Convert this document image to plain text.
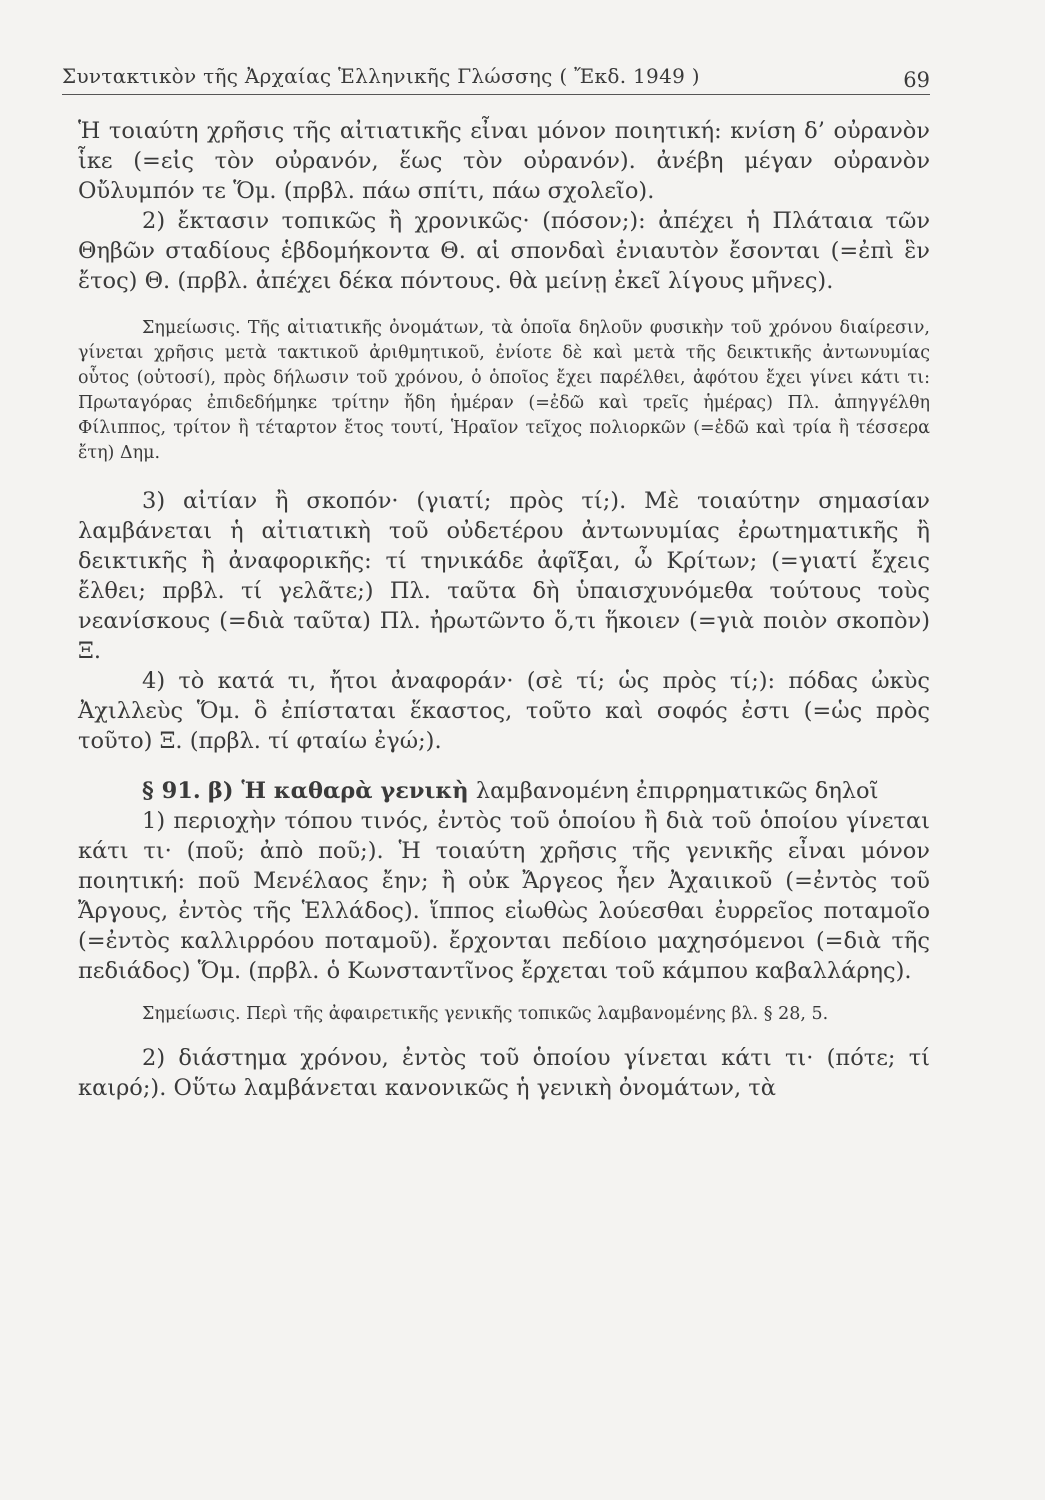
Συντακτικὸν τῆς Ἀρχαίας Ἑλληνικῆς Γλώσσης ( Ἔκδ. 1949 )	69

Ἡ τοιαύτη χρῆσις τῆς αἰτιατικῆς εἶναι μόνον ποιητική: κνίση δ’ οὐρανὸν ἷκε (=εἰς τὸν οὐρανόν, ἕως τὸν οὐρανόν). ἀνέβη μέγαν οὐρανὸν Οὔλυμπόν τε Ὅμ. (πρβλ. πάω σπίτι, πάω σχολεῖο).

2) ἔκτασιν τοπικῶς ἢ χρονικῶς· (πόσον;): ἀπέχει ἡ Πλάταια τῶν Θηβῶν σταδίους ἑβδομήκοντα Θ. αἱ σπονδαὶ ἐνιαυτὸν ἔσονται (=ἐπὶ ἓν ἔτος) Θ. (πρβλ. ἀπέχει δέκα πόντους. θὰ μείνῃ ἐκεῖ λίγους μῆνες).

Σημείωσις. Τῆς αἰτιατικῆς ὀνομάτων, τὰ ὁποῖα δηλοῦν φυσικὴν τοῦ χρόνου διαίρεσιν, γίνεται χρῆσις μετὰ τακτικοῦ ἀριθμητικοῦ, ἐνίοτε δὲ καὶ μετὰ τῆς δεικτικῆς ἀντωνυμίας οὗτος (οὑτοσί), πρὸς δήλωσιν τοῦ χρόνου, ὁ ὁποῖος ἔχει παρέλθει, ἀφότου ἔχει γίνει κάτι τι: Πρωταγόρας ἐπιδεδήμηκε τρίτην ἤδη ἡμέραν (=ἐδῶ καὶ τρεῖς ἡμέρας) Πλ. ἀπηγγέλθη Φίλιππος, τρίτον ἢ τέταρτον ἔτος τουτί, Ἡραῖον τεῖχος πολιορκῶν (=ἐδῶ καὶ τρία ἢ τέσσερα ἔτη) Δημ.

3) αἰτίαν ἢ σκοπόν· (γιατί; πρὸς τί;). Μὲ τοιαύτην σημασίαν λαμβάνεται ἡ αἰτιατικὴ τοῦ οὐδετέρου ἀντωνυμίας ἐρωτηματικῆς ἢ δεικτικῆς ἢ ἀναφορικῆς: τί τηνικάδε ἀφῖξαι, ὦ Κρίτων; (=γιατί ἔχεις ἔλθει; πρβλ. τί γελᾶτε;) Πλ. ταῦτα δὴ ὑπαισχυνόμεθα τούτους τοὺς νεανίσκους (=διὰ ταῦτα) Πλ. ἠρωτῶντο ὅ,τι ἥκοιεν (=γιὰ ποιὸν σκοπὸν) Ξ.

4) τὸ κατά τι, ἤτοι ἀναφοράν· (σὲ τί; ὡς πρὸς τί;): πόδας ὠκὺς Ἀχιλλεὺς Ὅμ. ὃ ἐπίσταται ἕκαστος, τοῦτο καὶ σοφός ἐστι (=ὡς πρὸς τοῦτο) Ξ. (πρβλ. τί φταίω ἐγώ;).

§ 91. β) Ἡ καθαρὰ γενικὴ λαμβανομένη ἐπιρρηματικῶς δηλοῖ

1) περιοχὴν τόπου τινός, ἐντὸς τοῦ ὁποίου ἢ διὰ τοῦ ὁποίου γίνεται κάτι τι· (ποῦ; ἀπὸ ποῦ;). Ἡ τοιαύτη χρῆσις τῆς γενικῆς εἶναι μόνον ποιητική: ποῦ Μενέλαος ἔην; ἢ οὐκ Ἄργεος ἦεν Ἀχαιικοῦ (=ἐντὸς τοῦ Ἄργους, ἐντὸς τῆς Ἑλλάδος). ἵππος εἰωθὼς λούεσθαι ἐυρρεῖος ποταμοῖο (=ἐντὸς καλλιρρόου ποταμοῦ). ἔρχονται πεδίοιο μαχησόμενοι (=διὰ τῆς πεδιάδος) Ὅμ. (πρβλ. ὁ Κωνσταντῖνος ἔρχεται τοῦ κάμπου καβαλλάρης).

Σημείωσις. Περὶ τῆς ἀφαιρετικῆς γενικῆς τοπικῶς λαμβανομένης βλ. § 28, 5.

2) διάστημα χρόνου, ἐντὸς τοῦ ὁποίου γίνεται κάτι τι· (πότε; τί καιρό;). Οὕτω λαμβάνεται κανονικῶς ἡ γενικὴ ὀνομάτων, τὰ
